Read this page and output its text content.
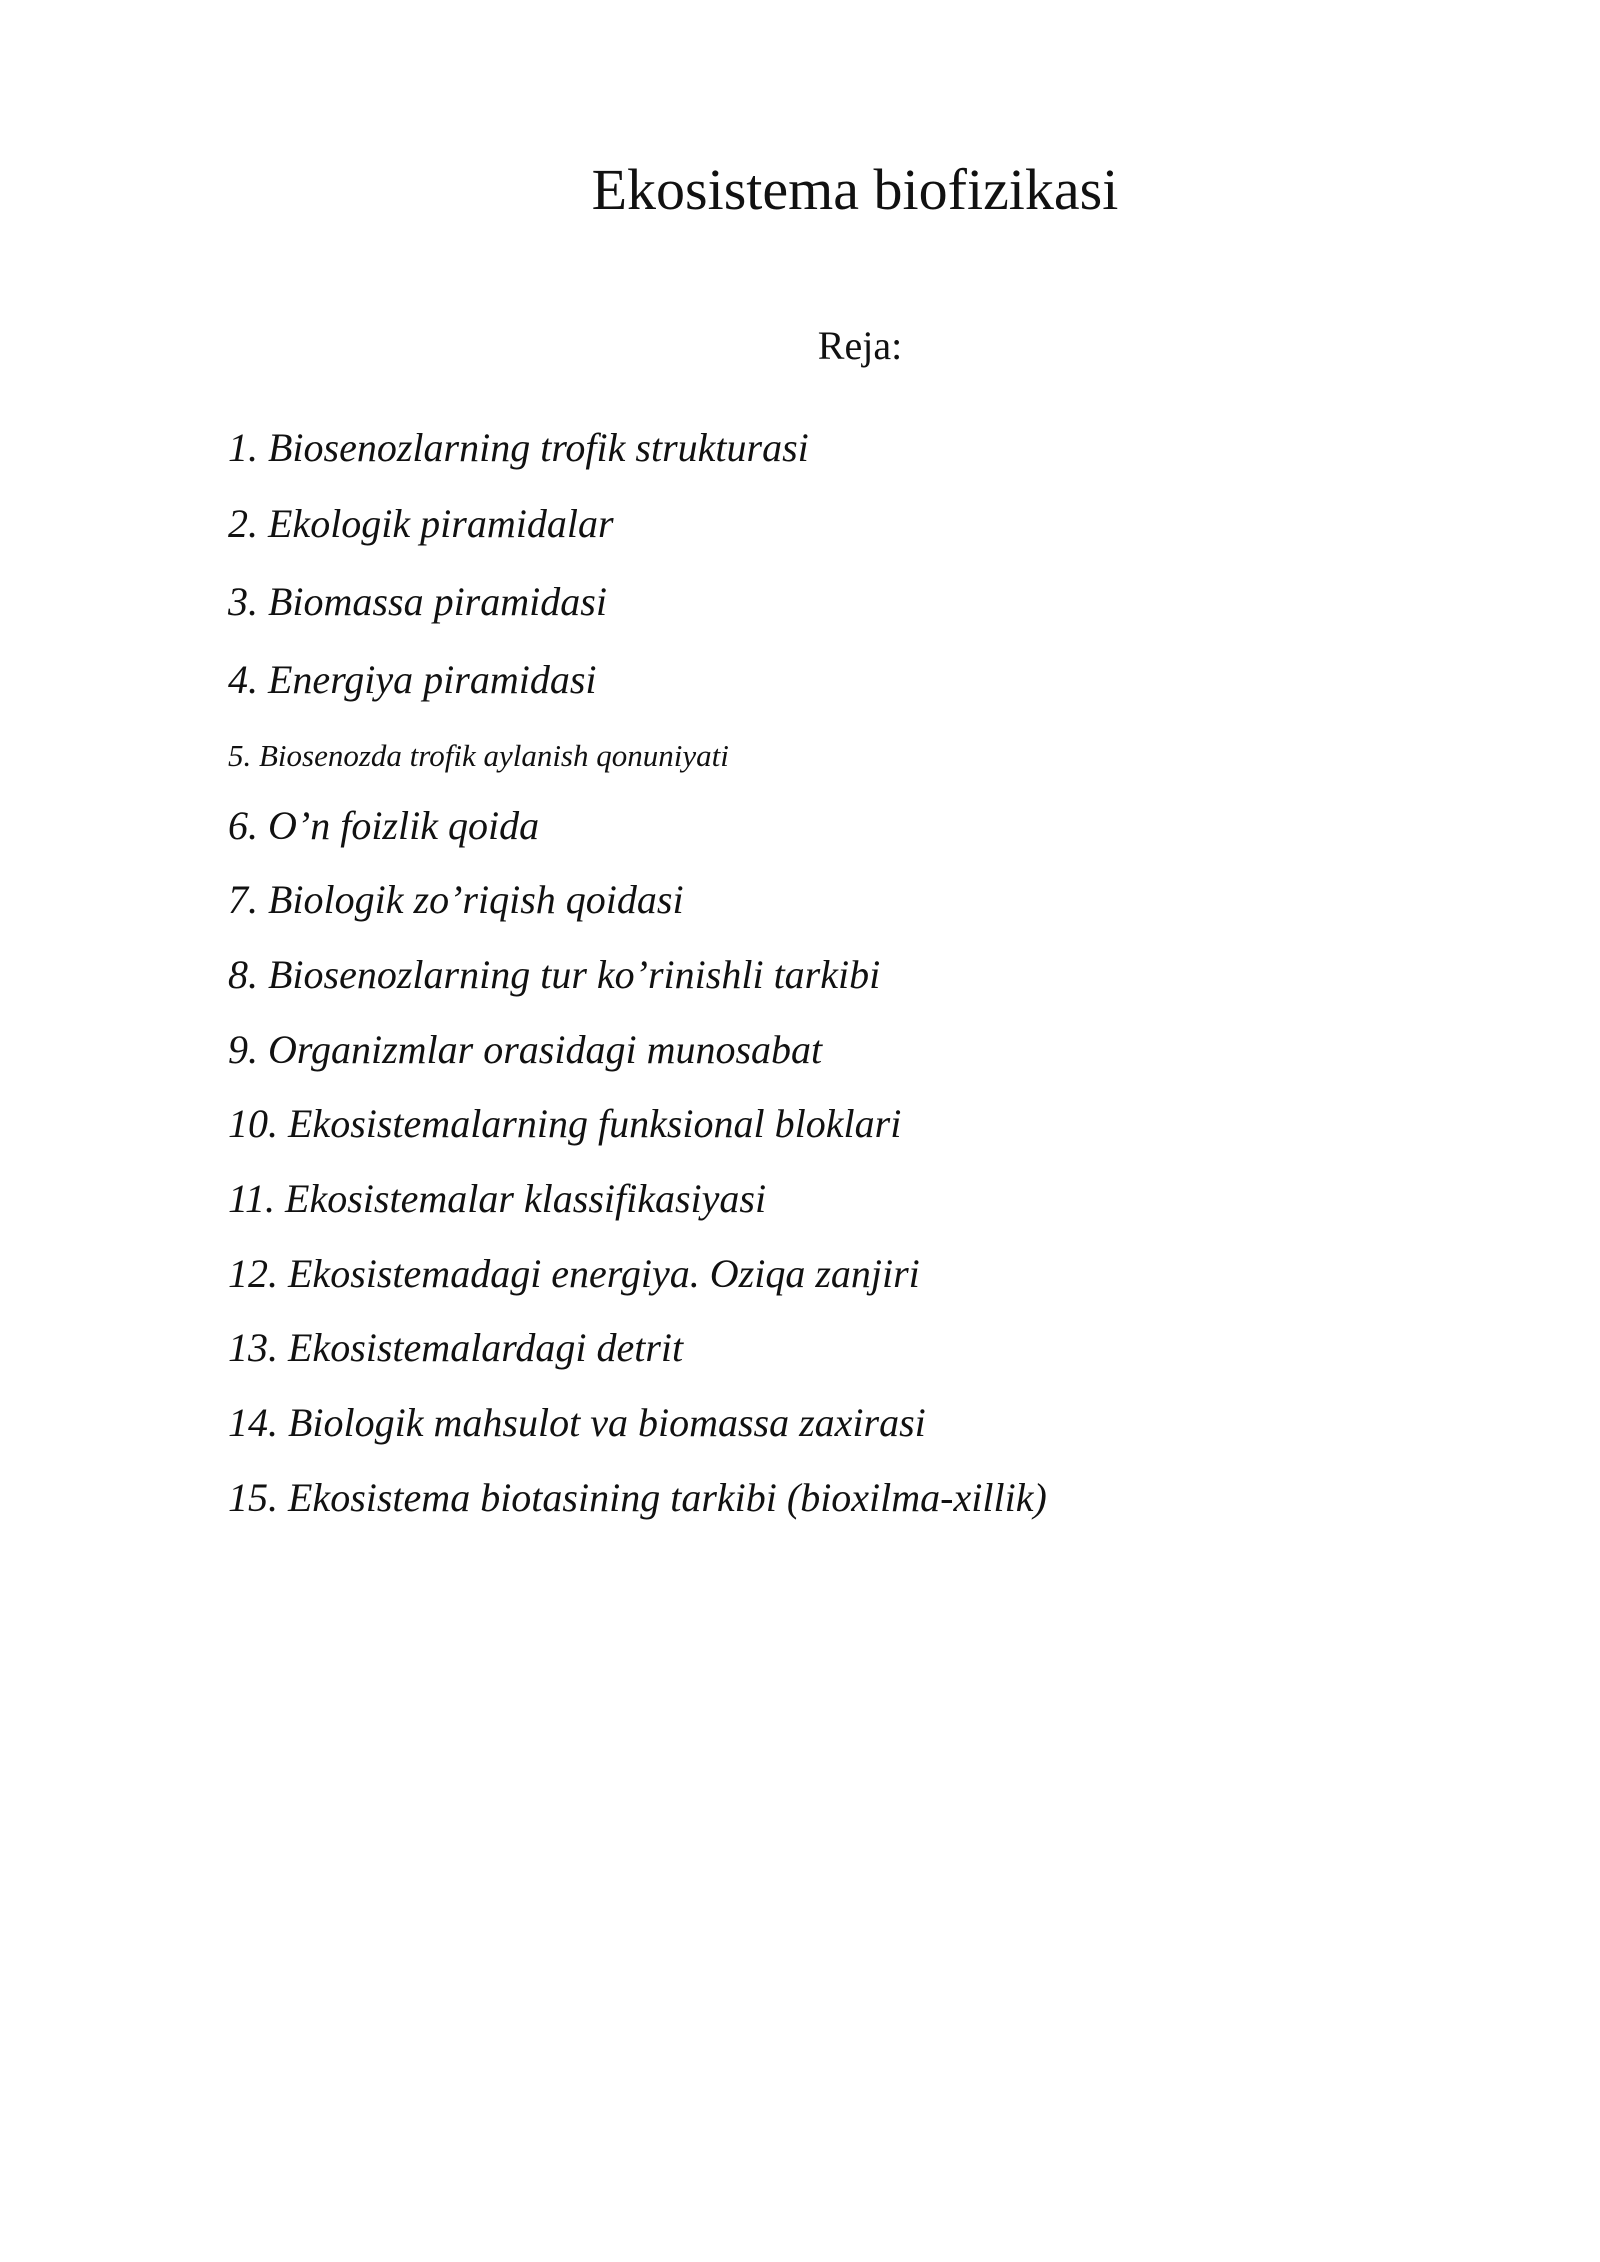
Ekosistema biofizikasi

Reja:

1. Biosenozlarning trofik strukturasi
2. Ekologik piramidalar
3. Biomassa piramidasi
4. Energiya piramidasi
5. Biosenozda trofik aylanish qonuniyati
6. O’n foizlik qoida
7. Biologik zo’riqish qoidasi
8. Biosenozlarning tur ko’rinishli tarkibi
9. Organizmlar orasidagi munosabat
10. Ekosistemalarning funksional bloklari
11. Ekosistemalar klassifikasiyasi
12. Ekosistemadagi energiya. Oziqa zanjiri
13. Ekosistemalardagi detrit
14. Biologik mahsulot va biomassa zaxirasi
15. Ekosistema biotasining tarkibi (bioxilma-xillik)
